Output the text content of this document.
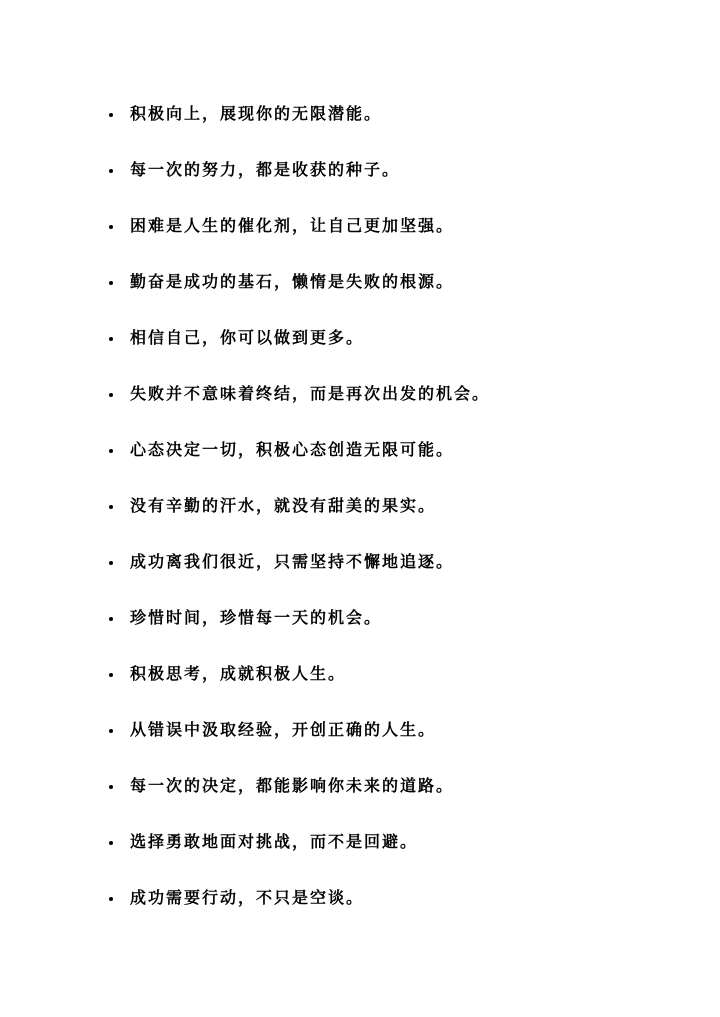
积极向上，展现你的无限潜能。
每一次的努力，都是收获的种子。
困难是人生的催化剂，让自己更加坚强。
勤奋是成功的基石，懒惰是失败的根源。
相信自己，你可以做到更多。
失败并不意味着终结，而是再次出发的机会。
心态决定一切，积极心态创造无限可能。
没有辛勤的汗水，就没有甜美的果实。
成功离我们很近，只需坚持不懈地追逐。
珍惜时间，珍惜每一天的机会。
积极思考，成就积极人生。
从错误中汲取经验，开创正确的人生。
每一次的决定，都能影响你未来的道路。
选择勇敢地面对挑战，而不是回避。
成功需要行动，不只是空谈。
